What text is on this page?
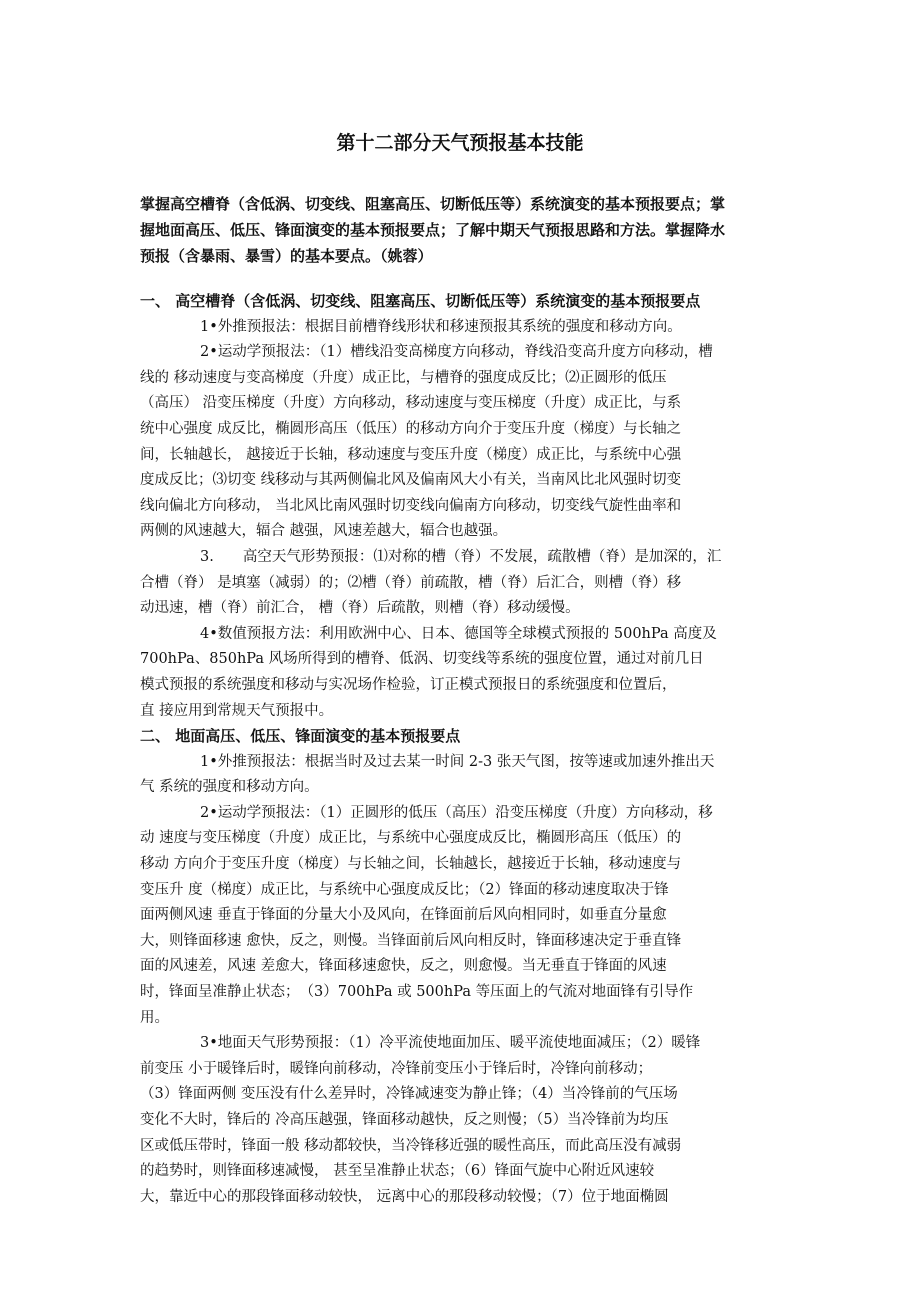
第十二部分天气预报基本技能
掌握高空槽脊（含低涡、切变线、阻塞高压、切断低压等）系统演变的基本预报要点；掌
握地面高压、低压、锋面演变的基本预报要点；了解中期天气预报思路和方法。掌握降水
预报（含暴雨、暴雪）的基本要点。（姚蓉）
一、 高空槽脊（含低涡、切变线、阻塞高压、切断低压等）系统演变的基本预报要点
1•外推预报法：根据目前槽脊线形状和移速预报其系统的强度和移动方向。
2•运动学预报法：（1）槽线沿变高梯度方向移动，脊线沿变高升度方向移动，槽
线的 移动速度与变高梯度（升度）成正比，与槽脊的强度成反比；⑵正圆形的低压
（高压） 沿变压梯度（升度）方向移动，移动速度与变压梯度（升度）成正比，与系
统中心强度 成反比，椭圆形高压（低压）的移动方向介于变压升度（梯度）与长轴之
间，长轴越长， 越接近于长轴，移动速度与变压升度（梯度）成正比，与系统中心强
度成反比；⑶切变 线移动与其两侧偏北风及偏南风大小有关，当南风比北风强时切变
线向偏北方向移动， 当北风比南风强时切变线向偏南方向移动，切变线气旋性曲率和
两侧的风速越大，辐合 越强，风速差越大，辐合也越强。
3.　　高空天气形势预报：⑴对称的槽（脊）不发展，疏散槽（脊）是加深的，汇
合槽（脊） 是填塞（减弱）的；⑵槽（脊）前疏散，槽（脊）后汇合，则槽（脊）移
动迅速，槽（脊）前汇合， 槽（脊）后疏散，则槽（脊）移动缓慢。
4•数值预报方法：利用欧洲中心、日本、德国等全球模式预报的 500hPa 高度及
700hPa、850hPa 风场所得到的槽脊、低涡、切变线等系统的强度位置，通过对前几日
模式预报的系统强度和移动与实况场作检验，订正模式预报日的系统强度和位置后，
直 接应用到常规天气预报中。
二、 地面高压、低压、锋面演变的基本预报要点
1•外推预报法：根据当时及过去某一时间 2-3 张天气图，按等速或加速外推出天
气 系统的强度和移动方向。
2•运动学预报法：（1）正圆形的低压（高压）沿变压梯度（升度）方向移动，移
动 速度与变压梯度（升度）成正比，与系统中心强度成反比，椭圆形高压（低压）的
移动 方向介于变压升度（梯度）与长轴之间，长轴越长，越接近于长轴，移动速度与
变压升 度（梯度）成正比，与系统中心强度成反比；（2）锋面的移动速度取决于锋
面两侧风速 垂直于锋面的分量大小及风向，在锋面前后风向相同时，如垂直分量愈
大，则锋面移速 愈快，反之，则慢。当锋面前后风向相反时，锋面移速决定于垂直锋
面的风速差，风速 差愈大，锋面移速愈快，反之，则愈慢。当无垂直于锋面的风速
时，锋面呈准静止状态；　（3）700hPa 或 500hPa 等压面上的气流对地面锋有引导作
用。
3•地面天气形势预报：（1）冷平流使地面加压、暖平流使地面减压；（2）暖锋
前变压 小于暖锋后时，暖锋向前移动，冷锋前变压小于锋后时，冷锋向前移动；
（3）锋面两侧 变压没有什么差异时，冷锋减速变为静止锋；（4）当冷锋前的气压场
变化不大时，锋后的 冷高压越强，锋面移动越快，反之则慢；（5）当冷锋前为均压
区或低压带时，锋面一般 移动都较快，当冷锋移近强的暖性高压，而此高压没有减弱
的趋势时，则锋面移速减慢， 甚至呈准静止状态；（6）锋面气旋中心附近风速较
大，靠近中心的那段锋面移动较快， 远离中心的那段移动较慢；（7）位于地面椭圆
